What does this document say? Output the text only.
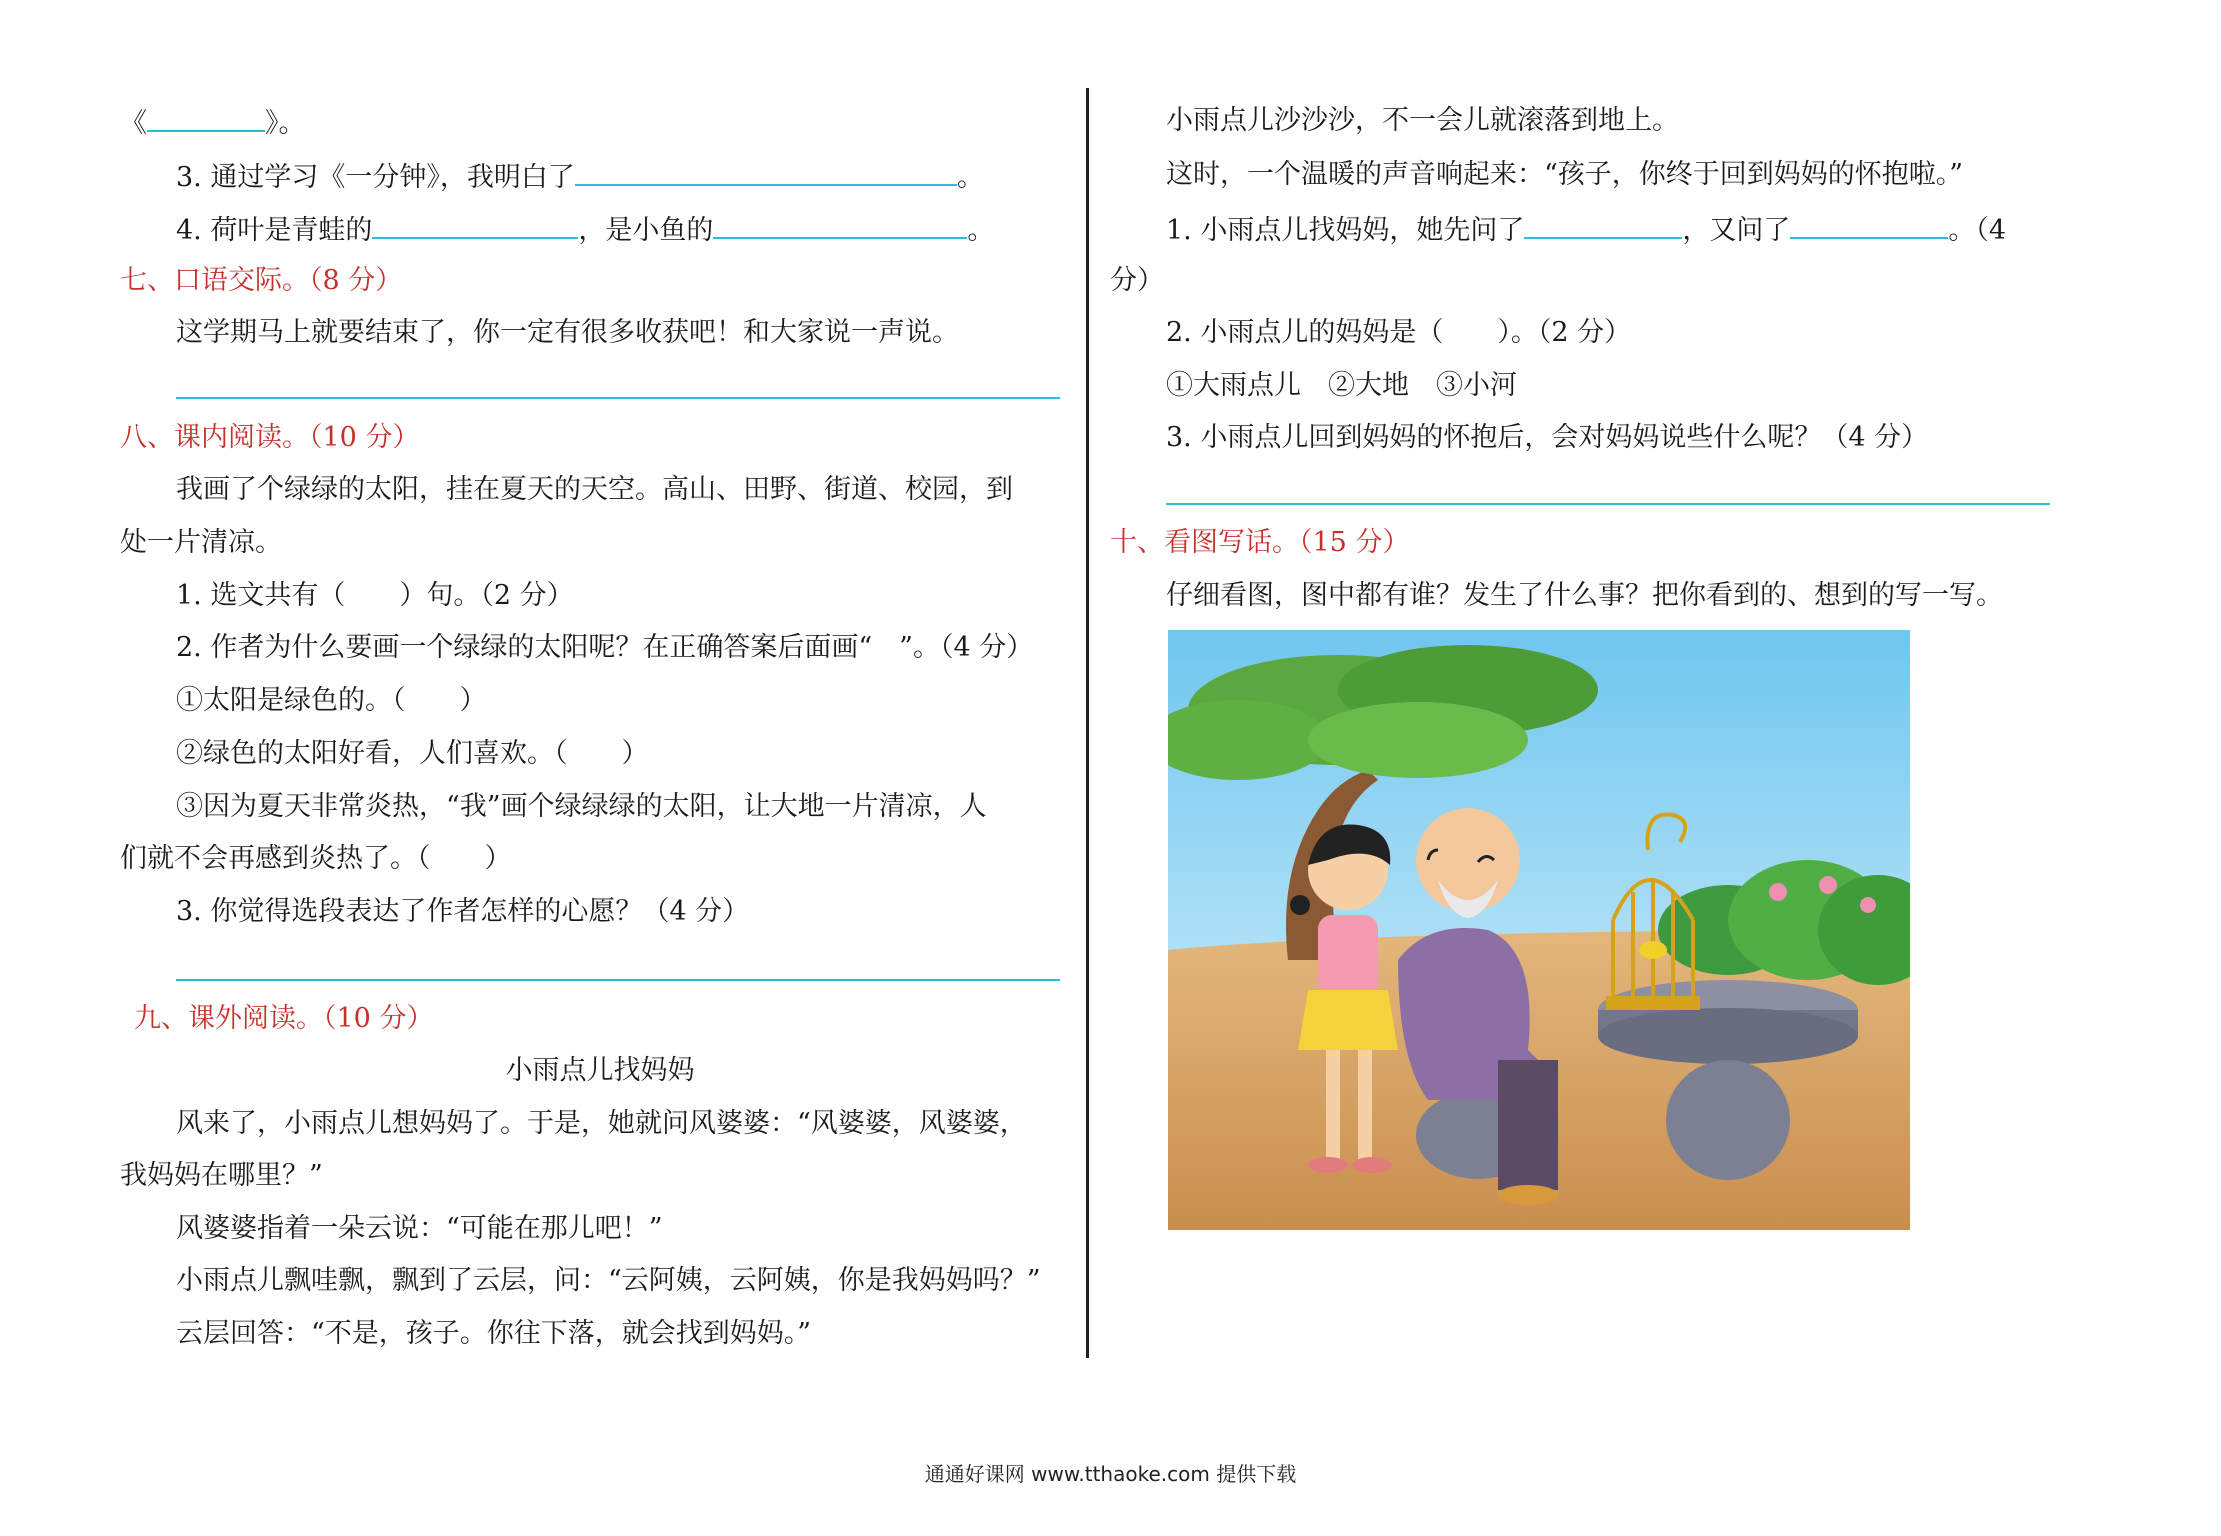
《	》。
3. 通过学习《一分钟》，我明白了	。
4. 荷叶是青蛙的	，是小鱼的	。
七、口语交际。（8 分）
这学期马上就要结束了，你一定有很多收获吧！和大家说一声说。
八、课内阅读。（10 分）
我画了个绿绿的太阳，挂在夏天的天空。高山、田野、街道、校园，到
处一片清凉。
1. 选文共有（　　）句。（2 分）
2. 作者为什么要画一个绿绿的太阳呢？在正确答案后面画“　”。（4 分）
①太阳是绿色的。（　　）
②绿色的太阳好看，人们喜欢。（　　）
③因为夏天非常炎热，“我”画个绿绿绿的太阳，让大地一片清凉，人
们就不会再感到炎热了。（　　）
3. 你觉得选段表达了作者怎样的心愿？（4 分）
九、课外阅读。（10 分）
小雨点儿找妈妈
风来了，小雨点儿想妈妈了。于是，她就问风婆婆：“风婆婆，风婆婆，
我妈妈在哪里？”
风婆婆指着一朵云说：“可能在那儿吧！”
小雨点儿飘哇飘，飘到了云层，问：“云阿姨，云阿姨，你是我妈妈吗？”
云层回答：“不是，孩子。你往下落，就会找到妈妈。”
小雨点儿沙沙沙，不一会儿就滚落到地上。
这时，一个温暖的声音响起来：“孩子，你终于回到妈妈的怀抱啦。”
1. 小雨点儿找妈妈，她先问了	，又问了	。（4
分）
2. 小雨点儿的妈妈是（　　）。（2 分）
①大雨点儿　②大地　③小河
3. 小雨点儿回到妈妈的怀抱后，会对妈妈说些什么呢？（4 分）
十、看图写话。（15 分）
仔细看图，图中都有谁？发生了什么事？把你看到的、想到的写一写。
通通好课网 www.tthaoke.com 提供下载
